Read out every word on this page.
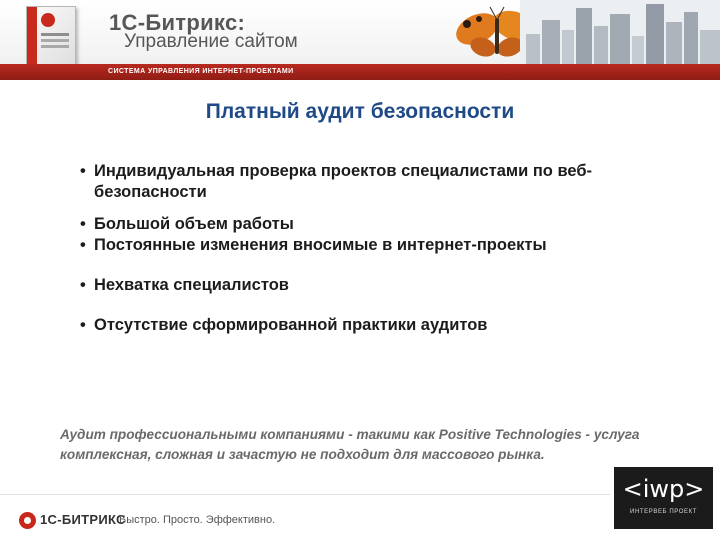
1С-Битрикс:
Управление сайтом
СИСТЕМА УПРАВЛЕНИЯ ИНТЕРНЕТ-ПРОЕКТАМИ
Платный аудит безопасности
• Индивидуальная проверка проектов специалистами по веб-безопасности
• Большой объем работы
• Постоянные изменения вносимые в интернет-проекты
• Нехватка специалистов
• Отсутствие сформированной практики аудитов
Аудит профессиональными компаниями - такими как Positive Technologies - услуга комплексная, сложная и зачастую не подходит для массового рынка.
1С-БИТРИКС
Быстро. Просто. Эффективно.
<iwp>
ИНТЕРВЕБ ПРОЕКТ
